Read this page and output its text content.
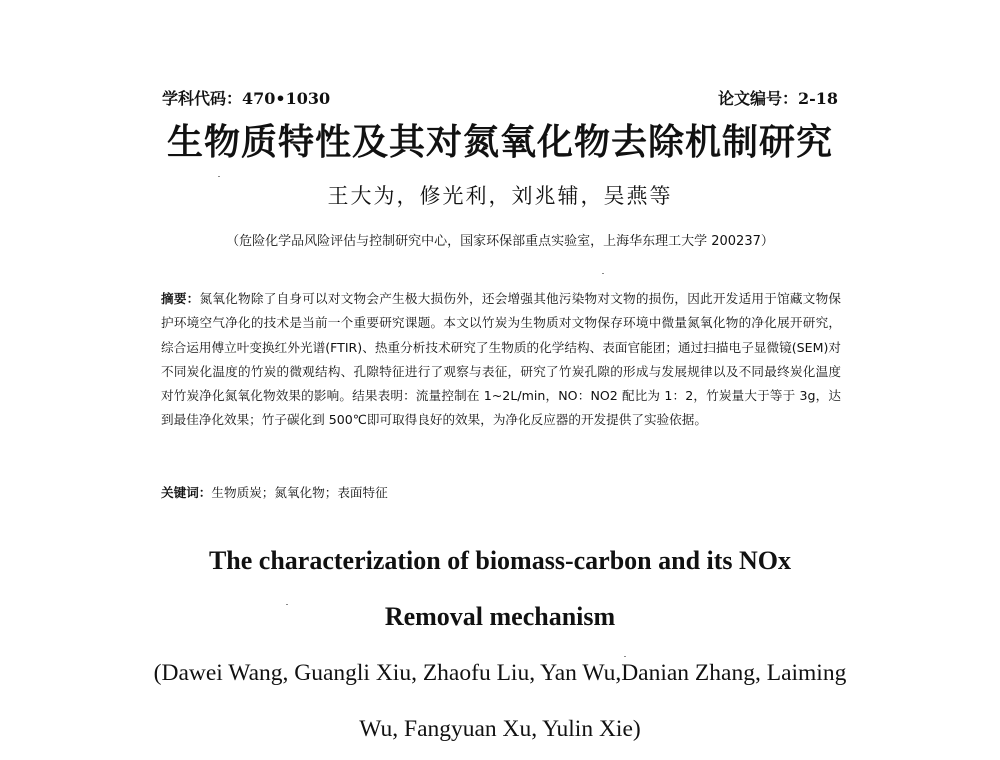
学科代码：470•1030	论文编号：2-18
生物质特性及其对氮氧化物去除机制研究
王大为，修光利，刘兆辅，吴燕等
（危险化学品风险评估与控制研究中心，国家环保部重点实验室，上海华东理工大学 200237）
摘要：氮氧化物除了自身可以对文物会产生极大损伤外，还会增强其他污染物对文物的损伤，因此开发适用于馆藏文物保护环境空气净化的技术是当前一个重要研究课题。本文以竹炭为生物质对文物保存环境中微量氮氧化物的净化展开研究，综合运用傅立叶变换红外光谱(FTIR)、热重分析技术研究了生物质的化学结构、表面官能团；通过扫描电子显微镜(SEM)对不同炭化温度的竹炭的微观结构、孔隙特征进行了观察与表征，研究了竹炭孔隙的形成与发展规律以及不同最终炭化温度对竹炭净化氮氧化物效果的影响。结果表明：流量控制在 1~2L/min，NO：NO2 配比为 1：2，竹炭量大于等于 3g，达到最佳净化效果；竹子碳化到 500℃即可取得良好的效果，为净化反应器的开发提供了实验依据。
关键词：生物质炭；氮氧化物；表面特征
The characterization of biomass-carbon and its NOx
Removal mechanism
(Dawei Wang, Guangli Xiu, Zhaofu Liu, Yan Wu,Danian Zhang, Laiming
Wu, Fangyuan Xu, Yulin Xie)
